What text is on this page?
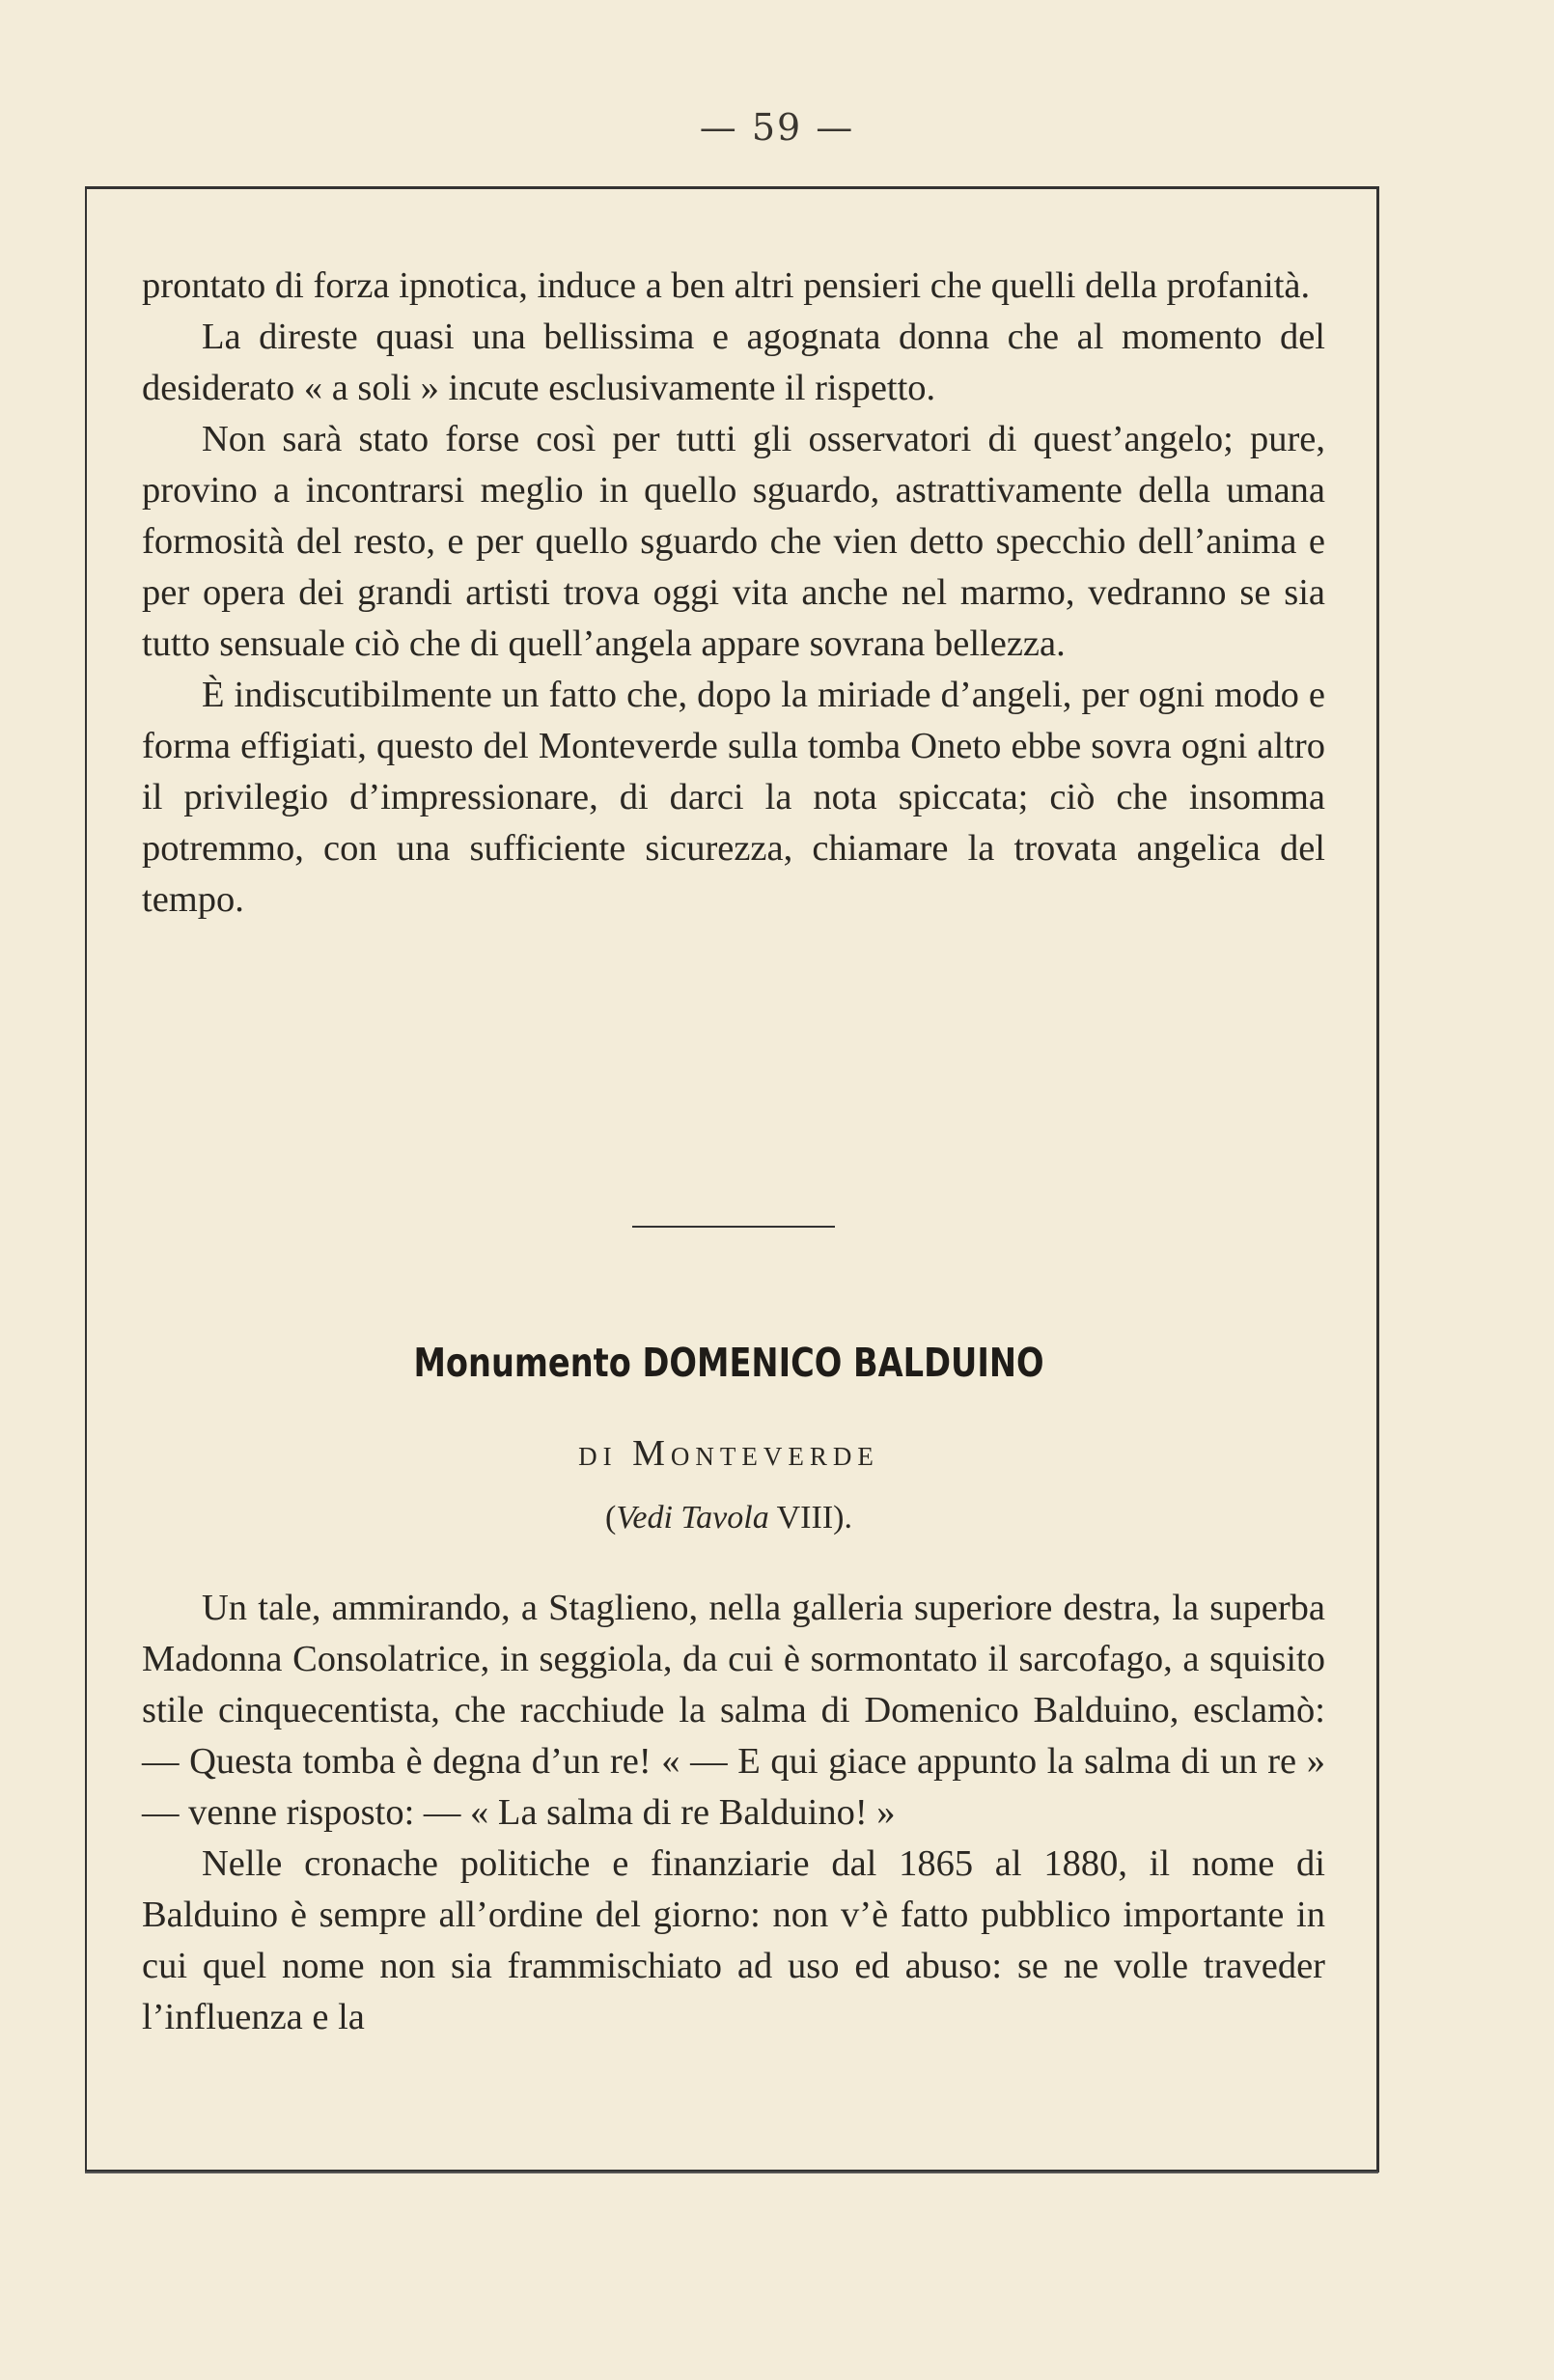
— 59 —

prontato di forza ipnotica, induce a ben altri pensieri che quelli della profanità.

La direste quasi una bellissima e agognata donna che al momento del desiderato « a soli » incute esclusivamente il rispetto.

Non sarà stato forse così per tutti gli osservatori di quest’angelo; pure, provino a incontrarsi meglio in quello sguardo, astrattivamente della umana formosità del resto, e per quello sguardo che vien detto specchio dell’anima e per opera dei grandi artisti trova oggi vita anche nel marmo, vedranno se sia tutto sensuale ciò che di quell’angela appare sovrana bellezza.

È indiscutibilmente un fatto che, dopo la miriade d’angeli, per ogni modo e forma effigiati, questo del Monteverde sulla tomba Oneto ebbe sovra ogni altro il privilegio d’impressionare, di darci la nota spiccata; ciò che insomma potremmo, con una sufficiente sicurezza, chiamare la trovata angelica del tempo.

Monumento DOMENICO BALDUINO
di Monteverde
(Vedi Tavola VIII).

Un tale, ammirando, a Staglieno, nella galleria superiore destra, la superba Madonna Consolatrice, in seggiola, da cui è sormontato il sarcofago, a squisito stile cinquecentista, che racchiude la salma di Domenico Balduino, esclamò: — Questa tomba è degna d’un re! « — E qui giace appunto la salma di un re » — venne risposto: — « La salma di re Balduino! »

Nelle cronache politiche e finanziarie dal 1865 al 1880, il nome di Balduino è sempre all’ordine del giorno: non v’è fatto pubblico importante in cui quel nome non sia frammischiato ad uso ed abuso: se ne volle traveder l’influenza e la
